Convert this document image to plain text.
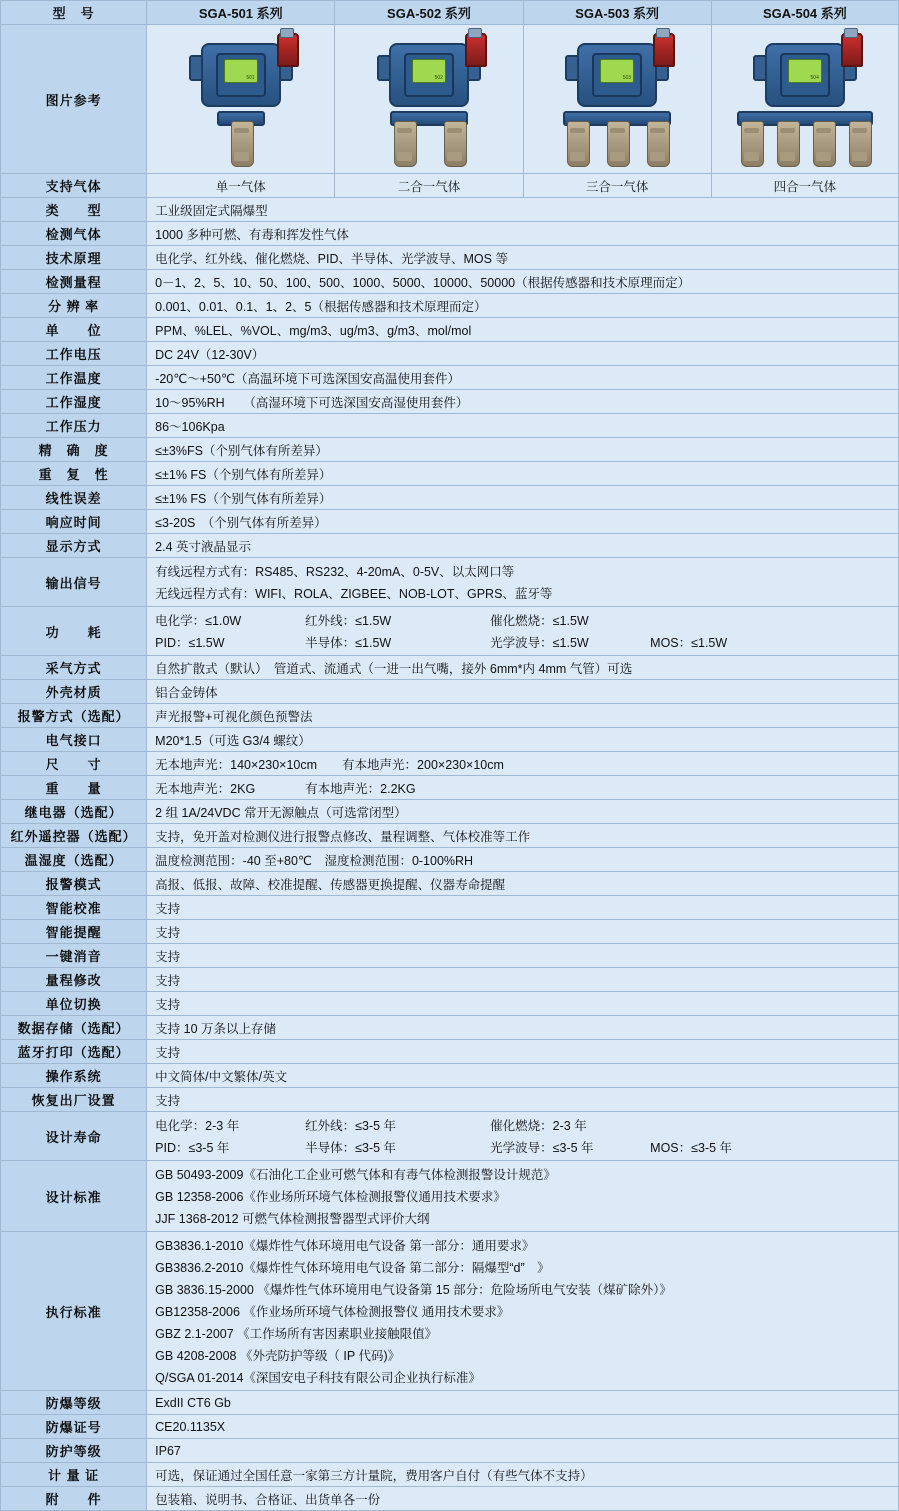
型　号	SGA-501 系列	SGA-502 系列	SGA-503 系列	SGA-504 系列
图片参考	501	502	503	504

支持气体	单一气体	二合一气体	三合一气体	四合一气体
类　　型	工业级固定式隔爆型			
检测气体	1000 多种可燃、有毒和挥发性气体			
技术原理	电化学、红外线、催化燃烧、PID、半导体、光学波导、MOS 等			
检测量程	0－1、2、5、10、50、100、500、1000、5000、10000、50000（根据传感器和技术原理而定）			
分 辨 率	0.001、0.01、0.1、1、2、5（根据传感器和技术原理而定）			
单　　位	PPM、%LEL、%VOL、mg/m3、ug/m3、g/m3、mol/mol			
工作电压	DC 24V（12-30V）			
工作温度	-20℃～+50℃（高温环境下可选深国安高温使用套件）			
工作湿度	10～95%RH　　（高湿环境下可选深国安高湿使用套件）			
工作压力	86～106Kpa			
精　确　度	≤±3%FS（个别气体有所差异）			
重　复　性	≤±1% FS（个别气体有所差异）			
线性误差	≤±1% FS（个别气体有所差异）			
响应时间	≤3-20S　（个别气体有所差异）			
显示方式	2.4 英寸液晶显示			
输出信号	有线远程方式有：RS485、RS232、4-20mA、0-5V、以太网口等
无线远程方式有：WIFI、ROLA、ZIGBEE、NOB-LOT、GPRS、蓝牙等			

功　　耗	
电化学：≤1.0W	红外线：≤1.5W	催化燃烧：≤1.5W
PID：≤1.5W	半导体：≤1.5W	光学波导：≤1.5W	MOS：≤1.5W

采气方式	自然扩散式（默认）　管道式、流通式（一进一出气嘴，接外 6mm*内 4mm 气管）可选			
外壳材质	铝合金铸体			
报警方式（选配）	声光报警+可视化颜色预警法			
电气接口	M20*1.5（可选 G3/4 螺纹）			
尺　　寸	无本地声光：140×230×10cm　　有本地声光：200×230×10cm			
重　　量	无本地声光：2KG　　　　有本地声光：2.2KG			
继电器（选配）	2 组 1A/24VDC 常开无源触点（可选常闭型）			
红外遥控器（选配）	支持，免开盖对检测仪进行报警点修改、量程调整、气体校准等工作			
温湿度（选配）	温度检测范围：-40 至+80℃　湿度检测范围：0-100%RH			
报警模式	高报、低报、故障、校准提醒、传感器更换提醒、仪器寿命提醒			
智能校准	支持			
智能提醒	支持			
一键消音	支持			
量程修改	支持			
单位切换	支持			
数据存储（选配）	支持 10 万条以上存储			
蓝牙打印（选配）	支持			
操作系统	中文简体/中文繁体/英文			
恢复出厂设置	支持			
设计寿命	
电化学：2-3 年	红外线：≤3-5 年	催化燃烧：2-3 年
PID：≤3-5 年	半导体：≤3-5 年	光学波导：≤3-5 年	MOS：≤3-5 年

设计标准	GB 50493-2009《石油化工企业可燃气体和有毒气体检测报警设计规范》
GB 12358-2006《作业场所环境气体检测报警仪通用技术要求》
JJF 1368-2012 可燃气体检测报警器型式评价大纲			

执行标准	
GB3836.1-2010《爆炸性气体环境用电气设备 第一部分：通用要求》
GB3836.2-2010《爆炸性气体环境用电气设备 第二部分：隔爆型“d”　》
GB 3836.15-2000 《爆炸性气体环境用电气设备第 15 部分：危险场所电气安装（煤矿除外）》
GB12358-2006 《作业场所环境气体检测报警仪 通用技术要求》
GBZ 2.1-2007 《工作场所有害因素职业接触限值》
GB 4208-2008 《外壳防护等级（ IP 代码)》
Q/SGA 01-2014《深国安电子科技有限公司企业执行标准》

防爆等级	ExdII CT6 Gb			
防爆证号	CE20.1135X			
防护等级	IP67			
计 量 证	可选，保证通过全国任意一家第三方计量院，费用客户自付（有些气体不支持）			
附　　件	包装箱、说明书、合格证、出货单各一份			
